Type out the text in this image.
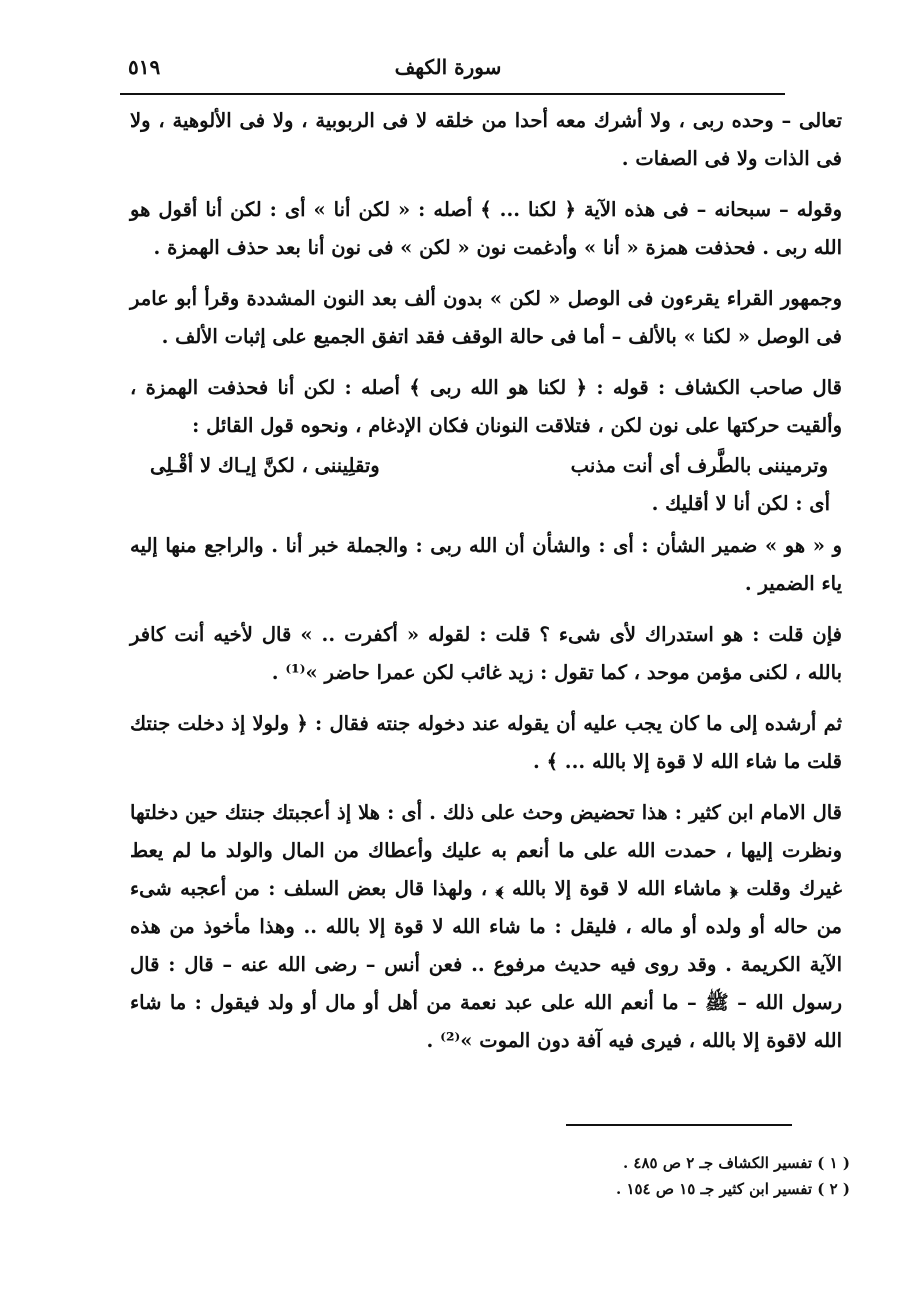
سورة الكهف
٥١٩

تعالى – وحده ربى ، ولا أشرك معه أحدا من خلقه لا فى الربوبية ، ولا فى الألوهية ، ولا فى الذات ولا فى الصفات .

وقوله – سبحانه – فى هذه الآية ﴿ لكنا ... ﴾ أصله : « لكن أنا » أى : لكن أنا أقول هو الله ربى . فحذفت همزة « أنا » وأدغمت نون « لكن » فى نون أنا بعد حذف الهمزة .

وجمهور القراء يقرءون فى الوصل « لكن » بدون ألف بعد النون المشددة وقرأ أبو عامر فى الوصل « لكنا » بالألف – أما فى حالة الوقف فقد اتفق الجميع على إثبات الألف .

قال صاحب الكشاف : قوله : ﴿ لكنا هو الله ربى ﴾ أصله : لكن أنا فحذفت الهمزة ، وألقيت حركتها على نون لكن ، فتلاقت النونان فكان الإدغام ، ونحوه قول القائل :

وترميننى بالطَّرف أى أنت مذنب
وتقلِيننى ، لكنَّ إيـاك لا أقْـلِى

أى : لكن أنا لا أقليك .

و « هو » ضمير الشأن : أى : والشأن أن الله ربى : والجملة خبر أنا . والراجع منها إليه ياء الضمير .

فإن قلت : هو استدراك لأى شىء ؟ قلت : لقوله « أكفرت .. » قال لأخيه أنت كافر بالله ، لكنى مؤمن موحد ، كما تقول : زيد غائب لكن عمرا حاضر »⁽¹⁾ .

ثم أرشده إلى ما كان يجب عليه أن يقوله عند دخوله جنته فقال : ﴿ ولولا إذ دخلت جنتك قلت ما شاء الله لا قوة إلا بالله ... ﴾ .

قال الامام ابن كثير : هذا تحضيض وحث على ذلك . أى : هلا إذ أعجبتك جنتك حين دخلتها ونظرت إليها ، حمدت الله على ما أنعم به عليك وأعطاك من المال والولد ما لم يعط غيرك وقلت ﴿ ماشاء الله لا قوة إلا بالله ﴾ ، ولهذا قال بعض السلف : من أعجبه شىء من حاله أو ولده أو ماله ، فليقل : ما شاء الله لا قوة إلا بالله .. وهذا مأخوذ من هذه الآية الكريمة . وقد روى فيه حديث مرفوع .. فعن أنس – رضى الله عنه – قال : قال رسول الله – ﷺ – ما أنعم الله على عبد نعمة من أهل أو مال أو ولد فيقول : ما شاء الله لاقوة إلا بالله ، فيرى فيه آفة دون الموت »⁽²⁾ .

( ١ ) تفسير الكشاف جـ ٢ ص ٤٨٥ .

( ٢ ) تفسير ابن كثير جـ ١٥ ص ١٥٤ .
